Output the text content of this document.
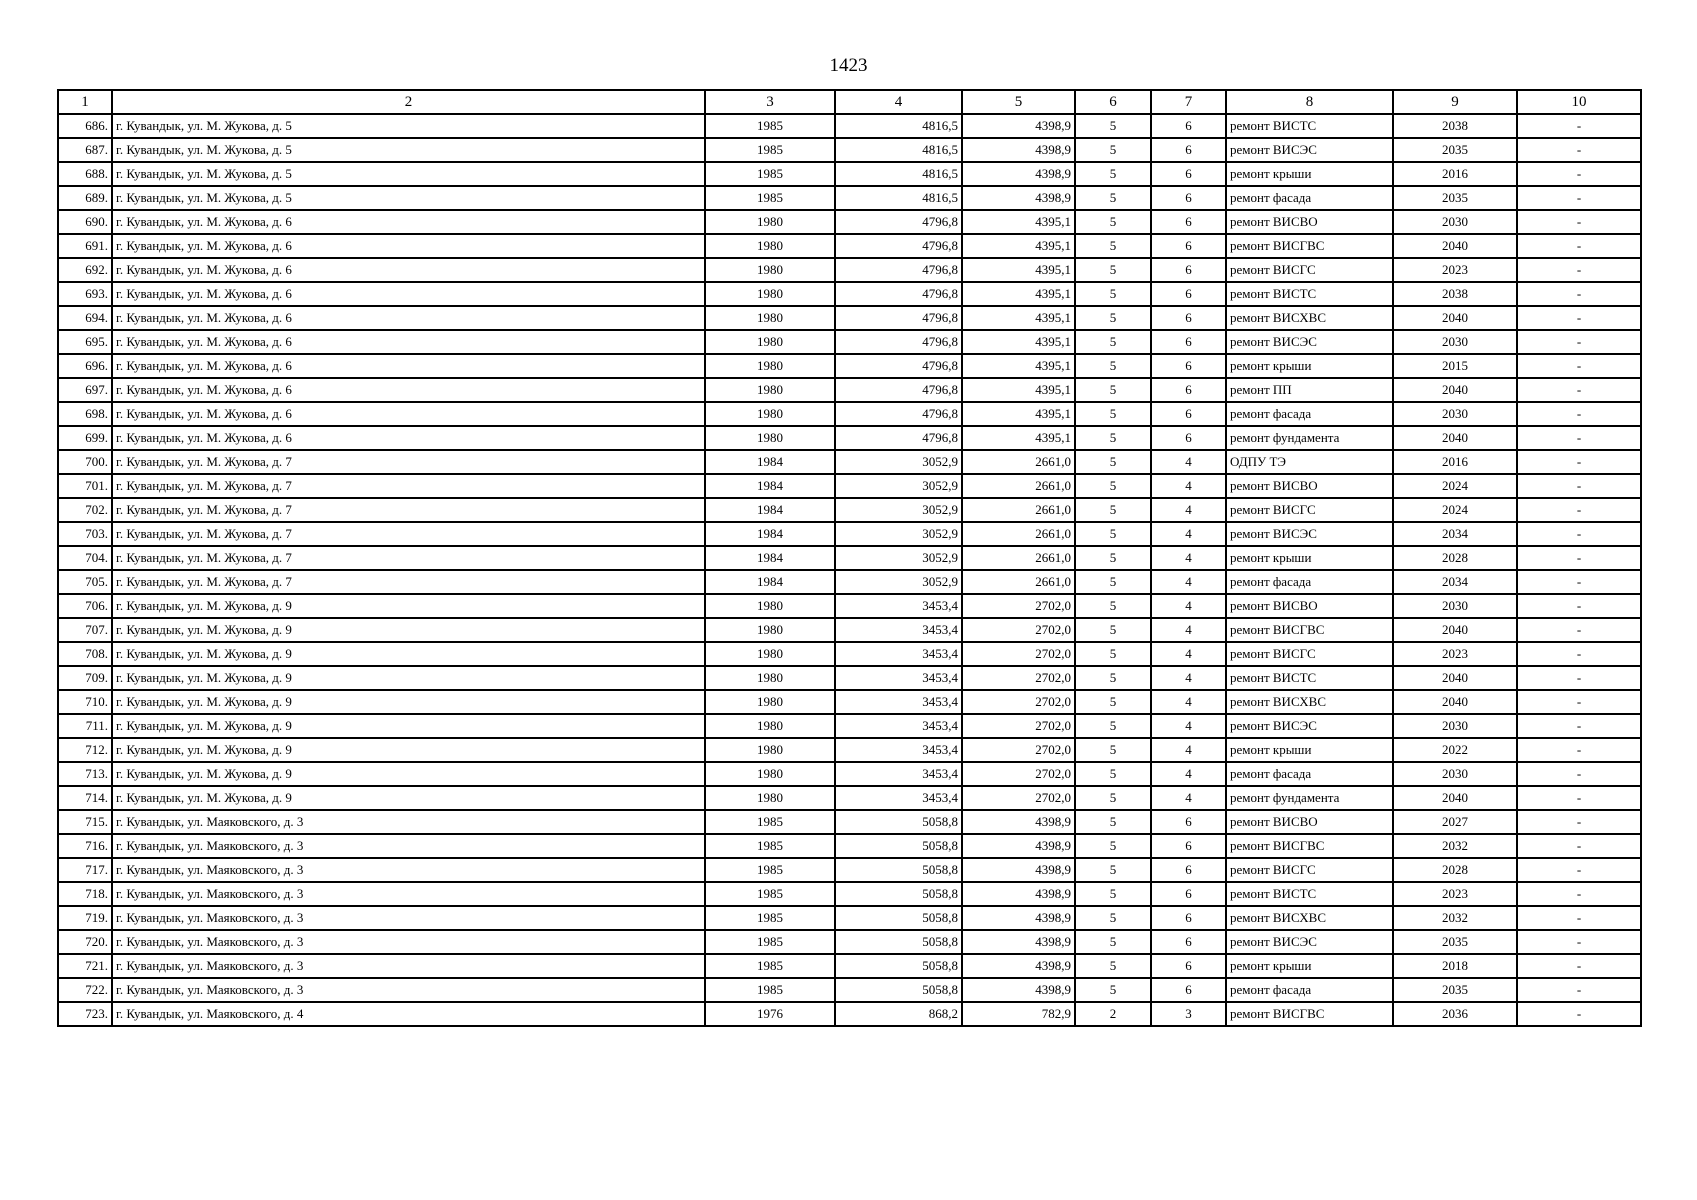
1423
1	2	3	4	5	6	7	8	9	10
686.	г. Кувандык, ул. М. Жукова, д. 5	1985	4816,5	4398,9	5	6	ремонт ВИСТС	2038	-
687.	г. Кувандык, ул. М. Жукова, д. 5	1985	4816,5	4398,9	5	6	ремонт ВИСЭС	2035	-
688.	г. Кувандык, ул. М. Жукова, д. 5	1985	4816,5	4398,9	5	6	ремонт крыши	2016	-
689.	г. Кувандык, ул. М. Жукова, д. 5	1985	4816,5	4398,9	5	6	ремонт фасада	2035	-
690.	г. Кувандык, ул. М. Жукова, д. 6	1980	4796,8	4395,1	5	6	ремонт ВИСВО	2030	-
691.	г. Кувандык, ул. М. Жукова, д. 6	1980	4796,8	4395,1	5	6	ремонт ВИСГВС	2040	-
692.	г. Кувандык, ул. М. Жукова, д. 6	1980	4796,8	4395,1	5	6	ремонт ВИСГС	2023	-
693.	г. Кувандык, ул. М. Жукова, д. 6	1980	4796,8	4395,1	5	6	ремонт ВИСТС	2038	-
694.	г. Кувандык, ул. М. Жукова, д. 6	1980	4796,8	4395,1	5	6	ремонт ВИСХВС	2040	-
695.	г. Кувандык, ул. М. Жукова, д. 6	1980	4796,8	4395,1	5	6	ремонт ВИСЭС	2030	-
696.	г. Кувандык, ул. М. Жукова, д. 6	1980	4796,8	4395,1	5	6	ремонт крыши	2015	-
697.	г. Кувандык, ул. М. Жукова, д. 6	1980	4796,8	4395,1	5	6	ремонт ПП	2040	-
698.	г. Кувандык, ул. М. Жукова, д. 6	1980	4796,8	4395,1	5	6	ремонт фасада	2030	-
699.	г. Кувандык, ул. М. Жукова, д. 6	1980	4796,8	4395,1	5	6	ремонт фундамента	2040	-
700.	г. Кувандык, ул. М. Жукова, д. 7	1984	3052,9	2661,0	5	4	ОДПУ ТЭ	2016	-
701.	г. Кувандык, ул. М. Жукова, д. 7	1984	3052,9	2661,0	5	4	ремонт ВИСВО	2024	-
702.	г. Кувандык, ул. М. Жукова, д. 7	1984	3052,9	2661,0	5	4	ремонт ВИСГС	2024	-
703.	г. Кувандык, ул. М. Жукова, д. 7	1984	3052,9	2661,0	5	4	ремонт ВИСЭС	2034	-
704.	г. Кувандык, ул. М. Жукова, д. 7	1984	3052,9	2661,0	5	4	ремонт крыши	2028	-
705.	г. Кувандык, ул. М. Жукова, д. 7	1984	3052,9	2661,0	5	4	ремонт фасада	2034	-
706.	г. Кувандык, ул. М. Жукова, д. 9	1980	3453,4	2702,0	5	4	ремонт ВИСВО	2030	-
707.	г. Кувандык, ул. М. Жукова, д. 9	1980	3453,4	2702,0	5	4	ремонт ВИСГВС	2040	-
708.	г. Кувандык, ул. М. Жукова, д. 9	1980	3453,4	2702,0	5	4	ремонт ВИСГС	2023	-
709.	г. Кувандык, ул. М. Жукова, д. 9	1980	3453,4	2702,0	5	4	ремонт ВИСТС	2040	-
710.	г. Кувандык, ул. М. Жукова, д. 9	1980	3453,4	2702,0	5	4	ремонт ВИСХВС	2040	-
711.	г. Кувандык, ул. М. Жукова, д. 9	1980	3453,4	2702,0	5	4	ремонт ВИСЭС	2030	-
712.	г. Кувандык, ул. М. Жукова, д. 9	1980	3453,4	2702,0	5	4	ремонт крыши	2022	-
713.	г. Кувандык, ул. М. Жукова, д. 9	1980	3453,4	2702,0	5	4	ремонт фасада	2030	-
714.	г. Кувандык, ул. М. Жукова, д. 9	1980	3453,4	2702,0	5	4	ремонт фундамента	2040	-
715.	г. Кувандык, ул. Маяковского, д. 3	1985	5058,8	4398,9	5	6	ремонт ВИСВО	2027	-
716.	г. Кувандык, ул. Маяковского, д. 3	1985	5058,8	4398,9	5	6	ремонт ВИСГВС	2032	-
717.	г. Кувандык, ул. Маяковского, д. 3	1985	5058,8	4398,9	5	6	ремонт ВИСГС	2028	-
718.	г. Кувандык, ул. Маяковского, д. 3	1985	5058,8	4398,9	5	6	ремонт ВИСТС	2023	-
719.	г. Кувандык, ул. Маяковского, д. 3	1985	5058,8	4398,9	5	6	ремонт ВИСХВС	2032	-
720.	г. Кувандык, ул. Маяковского, д. 3	1985	5058,8	4398,9	5	6	ремонт ВИСЭС	2035	-
721.	г. Кувандык, ул. Маяковского, д. 3	1985	5058,8	4398,9	5	6	ремонт крыши	2018	-
722.	г. Кувандык, ул. Маяковского, д. 3	1985	5058,8	4398,9	5	6	ремонт фасада	2035	-
723.	г. Кувандык, ул. Маяковского, д. 4	1976	868,2	782,9	2	3	ремонт ВИСГВС	2036	-
